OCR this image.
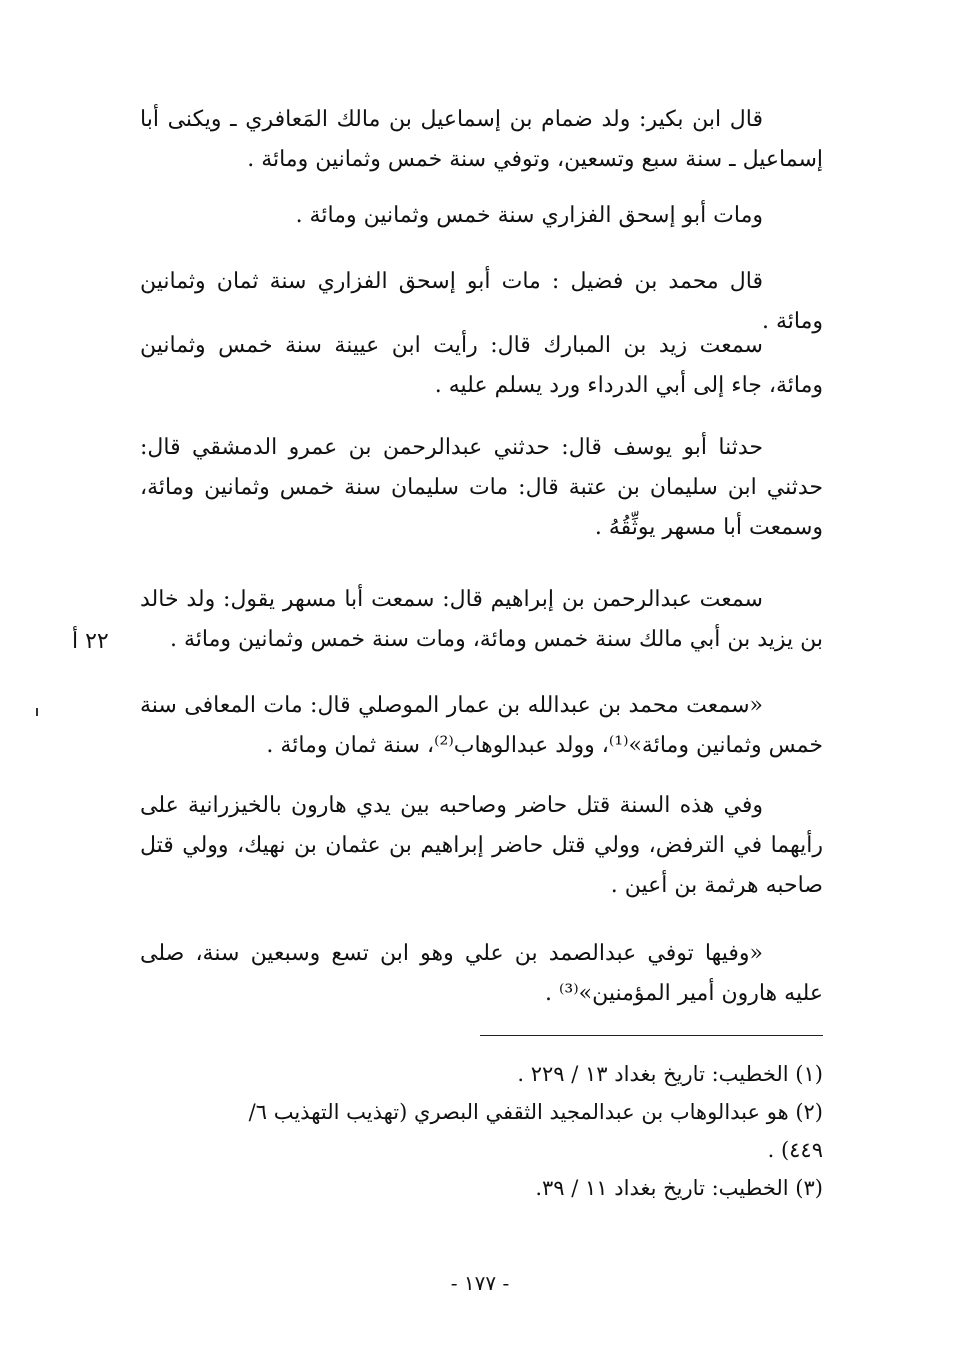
قال ابن بكير: ولد ضمام بن إسماعيل بن مالك المَعافري ـ ويكنى أبا إسماعيل ـ سنة سبع وتسعين، وتوفي سنة خمس وثمانين ومائة .

ومات أبو إسحق الفزاري سنة خمس وثمانين ومائة .

قال محمد بن فضيل : مات أبو إسحق الفزاري سنة ثمان وثمانين ومائة .

سمعت زيد بن المبارك قال: رأيت ابن عيينة سنة خمس وثمانين ومائة، جاء إلى أبي الدرداء ورد يسلم عليه .

حدثنا أبو يوسف قال: حدثني عبدالرحمن بن عمرو الدمشقي قال: حدثني ابن سليمان بن عتبة قال: مات سليمان سنة خمس وثمانين ومائة، وسمعت أبا مسهر يوثِّقُهُ .

سمعت عبدالرحمن بن إبراهيم قال: سمعت أبا مسهر يقول: ولد خالد بن يزيد بن أبي مالك سنة خمس ومائة، ومات سنة خمس وثمانين ومائة .

٢٢ أ

«سمعت محمد بن عبدالله بن عمار الموصلي قال: مات المعافى سنة خمس وثمانين ومائة»⁽¹⁾، وولد عبدالوهاب⁽²⁾، سنة ثمان ومائة .

وفي هذه السنة قتل حاضر وصاحبه بين يدي هارون بالخيزرانية على رأيهما في الترفض، وولي قتل حاضر إبراهيم بن عثمان بن نهيك، وولي قتل صاحبه هرثمة بن أعين .

«وفيها توفي عبدالصمد بن علي وهو ابن تسع وسبعين سنة، صلى عليه هارون أمير المؤمنين»⁽³⁾ .

(١) الخطيب: تاريخ بغداد ١٣ / ٢٢٩ .

(٢) هو عبدالوهاب بن عبدالمجيد الثقفي البصري (تهذيب التهذيب ٦/ ٤٤٩) .

(٣) الخطيب: تاريخ بغداد ١١ / ٣٩.

- ١٧٧ -
